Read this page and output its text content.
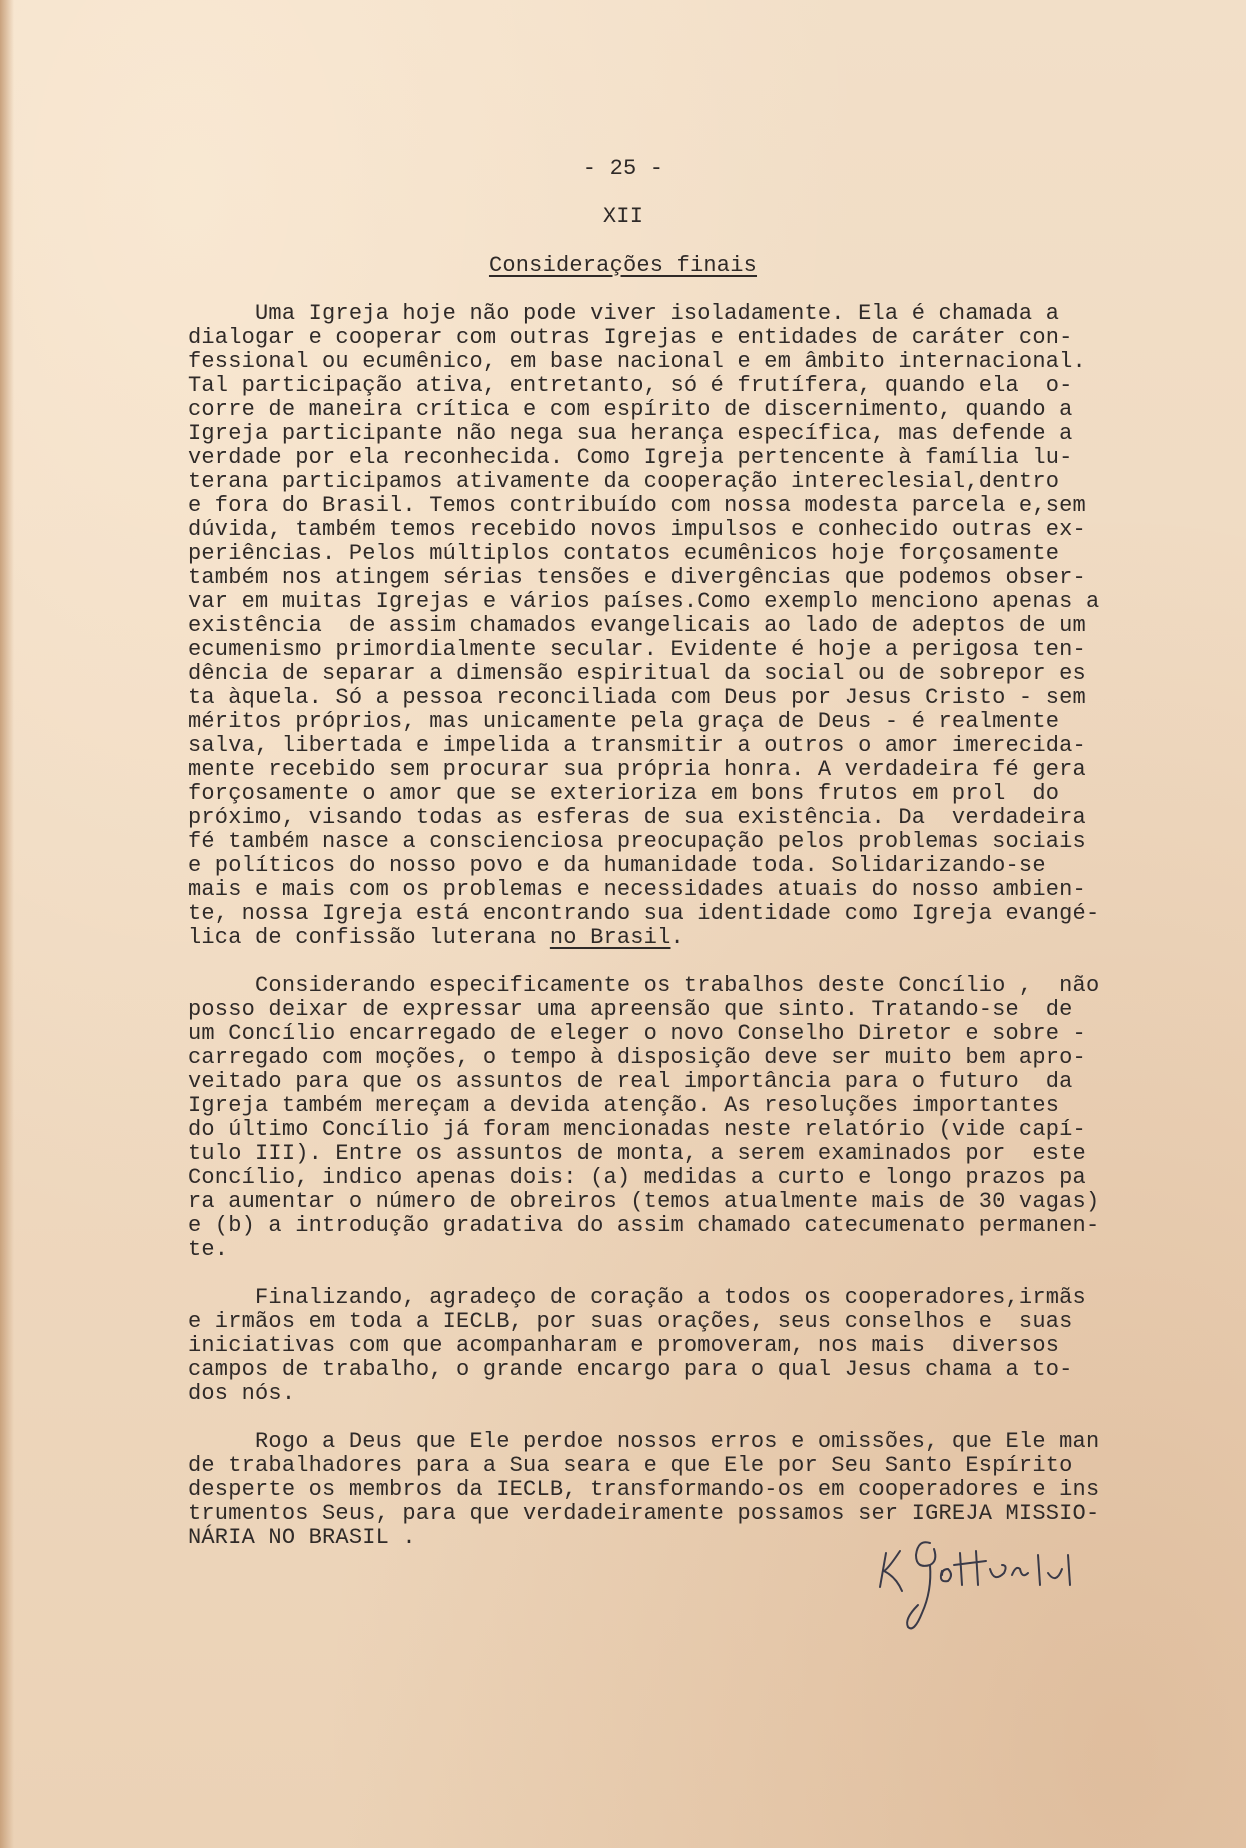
- 25 -

XII

Considerações finais

Uma Igreja hoje não pode viver isoladamente. Ela é chamada a

dialogar e cooperar com outras Igrejas e entidades de caráter con-

fessional ou ecumênico, em base nacional e em âmbito internacional.

Tal participação ativa, entretanto, só é frutífera, quando ela  o-

corre de maneira crítica e com espírito de discernimento, quando a

Igreja participante não nega sua herança específica, mas defende a

verdade por ela reconhecida. Como Igreja pertencente à família lu-

terana participamos ativamente da cooperação intereclesial,dentro

e fora do Brasil. Temos contribuído com nossa modesta parcela e,sem

dúvida, também temos recebido novos impulsos e conhecido outras ex-

periências. Pelos múltiplos contatos ecumênicos hoje forçosamente

também nos atingem sérias tensões e divergências que podemos obser-

var em muitas Igrejas e vários países.Como exemplo menciono apenas a

existência  de assim chamados evangelicais ao lado de adeptos de um

ecumenismo primordialmente secular. Evidente é hoje a perigosa ten-

dência de separar a dimensão espiritual da social ou de sobrepor es

ta àquela. Só a pessoa reconciliada com Deus por Jesus Cristo - sem

méritos próprios, mas unicamente pela graça de Deus - é realmente

salva, libertada e impelida a transmitir a outros o amor imerecida-

mente recebido sem procurar sua própria honra. A verdadeira fé gera

forçosamente o amor que se exterioriza em bons frutos em prol  do

próximo, visando todas as esferas de sua existência. Da  verdadeira

fé também nasce a conscienciosa preocupação pelos problemas sociais

e políticos do nosso povo e da humanidade toda. Solidarizando-se

mais e mais com os problemas e necessidades atuais do nosso ambien-

te, nossa Igreja está encontrando sua identidade como Igreja evangé-

lica de confissão luterana no Brasil.

Considerando especificamente os trabalhos deste Concílio ,  não

posso deixar de expressar uma apreensão que sinto. Tratando-se  de

um Concílio encarregado de eleger o novo Conselho Diretor e sobre -

carregado com moções, o tempo à disposição deve ser muito bem apro-

veitado para que os assuntos de real importância para o futuro  da

Igreja também mereçam a devida atenção. As resoluções importantes

do último Concílio já foram mencionadas neste relatório (vide capí-

tulo III). Entre os assuntos de monta, a serem examinados por  este

Concílio, indico apenas dois: (a) medidas a curto e longo prazos pa

ra aumentar o número de obreiros (temos atualmente mais de 30 vagas)

e (b) a introdução gradativa do assim chamado catecumenato permanen-

te.

Finalizando, agradeço de coração a todos os cooperadores,irmãs

e irmãos em toda a IECLB, por suas orações, seus conselhos e  suas

iniciativas com que acompanharam e promoveram, nos mais  diversos

campos de trabalho, o grande encargo para o qual Jesus chama a to-

dos nós.

Rogo a Deus que Ele perdoe nossos erros e omissões, que Ele man

de trabalhadores para a Sua seara e que Ele por Seu Santo Espírito

desperte os membros da IECLB, transformando-os em cooperadores e ins

trumentos Seus, para que verdadeiramente possamos ser IGREJA MISSIO-

NÁRIA NO BRASIL .
